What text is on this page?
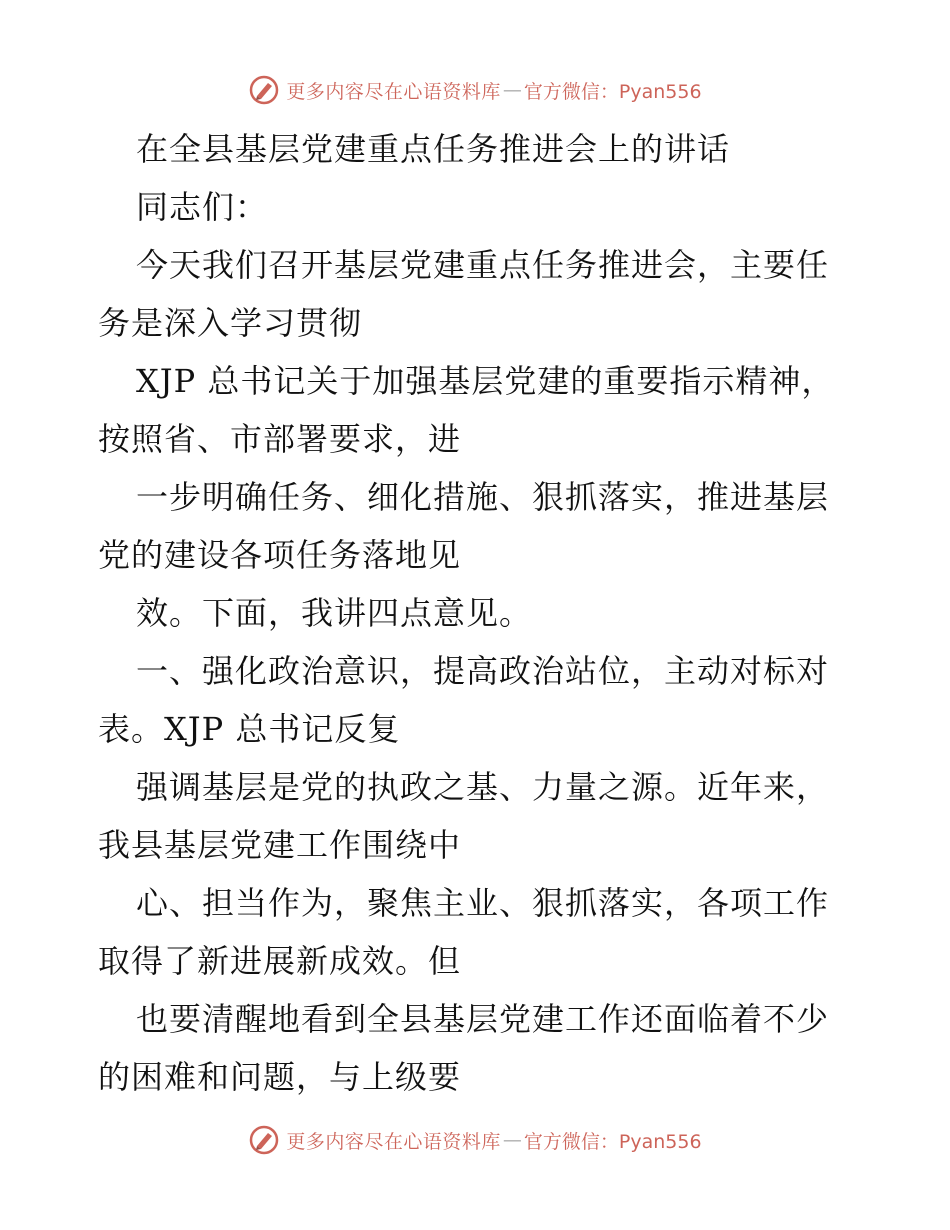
更多内容尽在心语资料库 — 官方微信：Pyan556

在全县基层党建重点任务推进会上的讲话

同志们：

今天我们召开基层党建重点任务推进会，主要任

务是深入学习贯彻

XJP 总书记关于加强基层党建的重要指示精神，

按照省、市部署要求，进

一步明确任务、细化措施、狠抓落实，推进基层

党的建设各项任务落地见

效。下面，我讲四点意见。

一、强化政治意识，提高政治站位，主动对标对

表。XJP 总书记反复

强调基层是党的执政之基、力量之源。近年来，

我县基层党建工作围绕中

心、担当作为，聚焦主业、狠抓落实，各项工作

取得了新进展新成效。但

也要清醒地看到全县基层党建工作还面临着不少

的困难和问题，与上级要

更多内容尽在心语资料库 — 官方微信：Pyan556
